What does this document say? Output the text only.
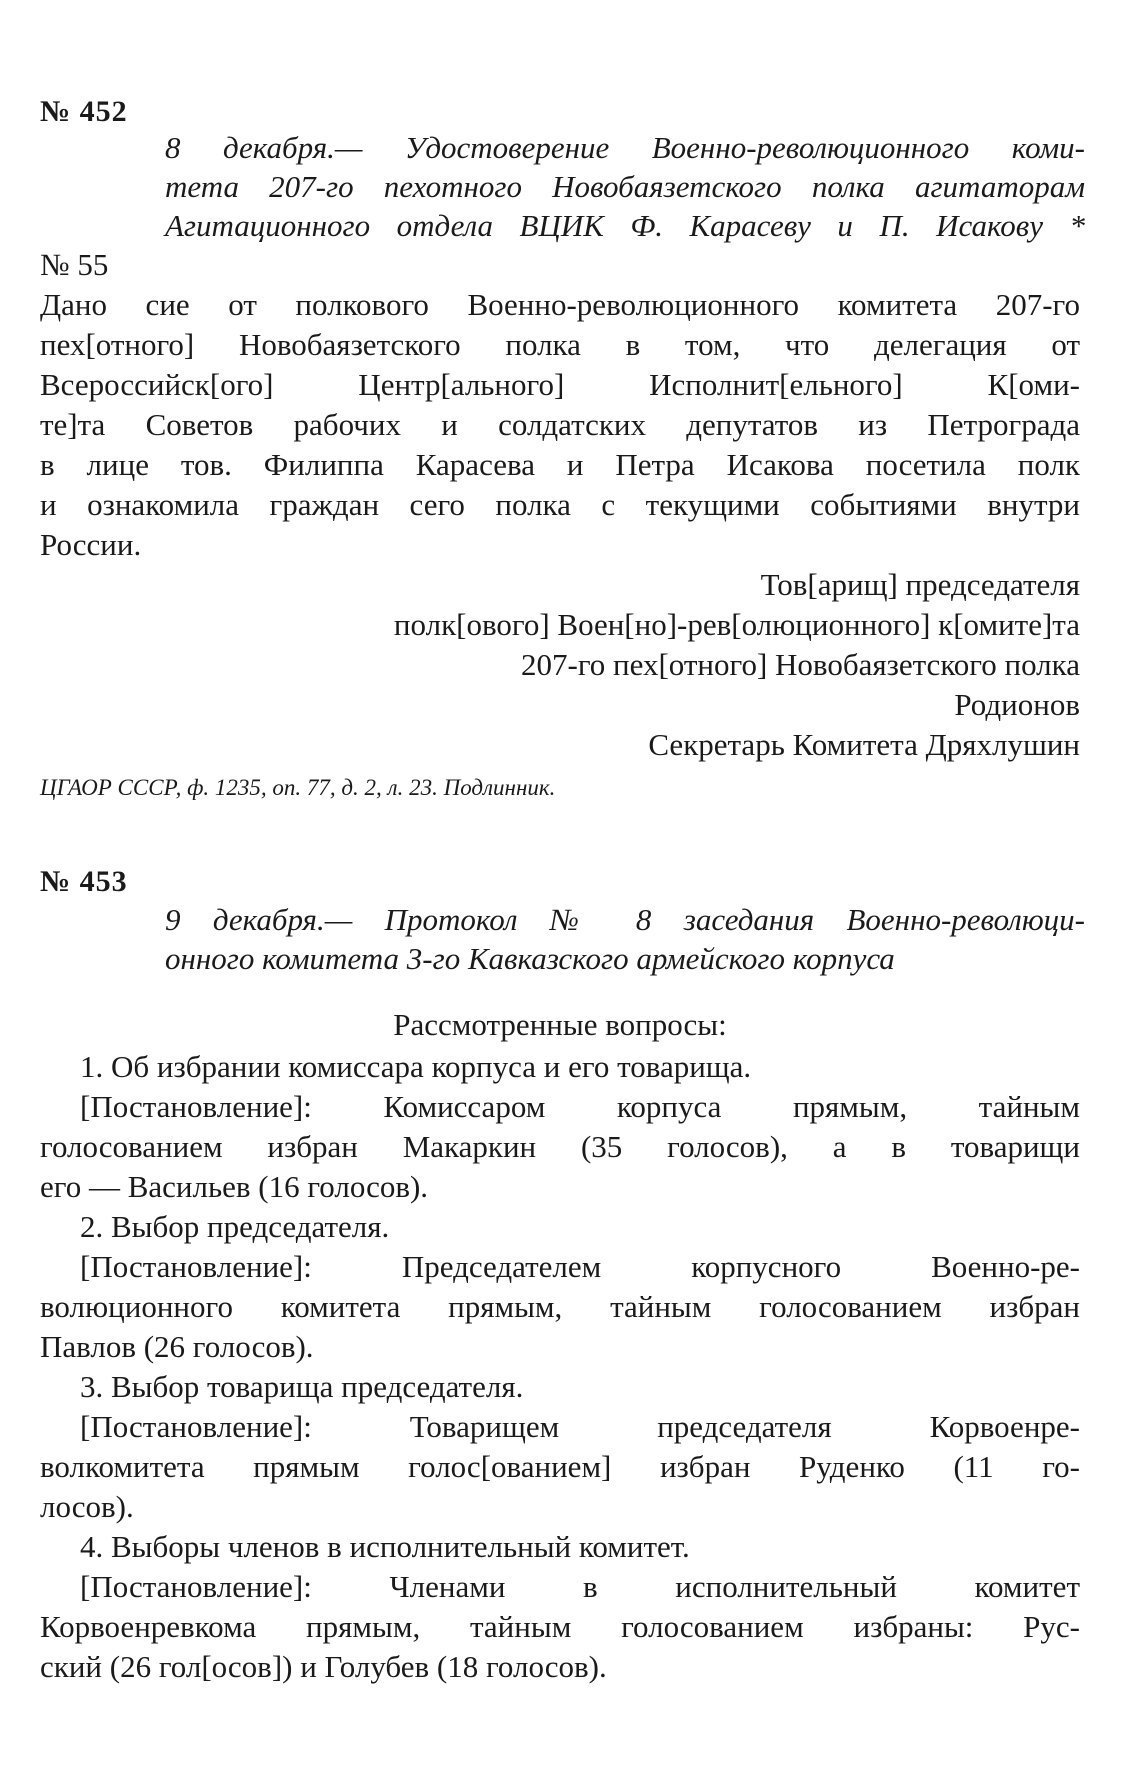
№ 452
8 декабря.— Удостоверение Военно-революционного коми-
тета 207-го пехотного Новобаязетского полка агитаторам
Агитационного отдела ВЦИК Ф. Карасеву и П. Исакову *
№ 55
Дано сие от полкового Военно-революционного комитета 207-го
пех[отного] Новобаязетского полка в том, что делегация от
Всероссийск[ого] Центр[ального] Исполнит[ельного] К[оми-
те]та Советов рабочих и солдатских депутатов из Петрограда
в лице тов. Филиппа Карасева и Петра Исакова посетила полк
и ознакомила граждан сего полка с текущими событиями внутри
России.
Тов[арищ] председателя
полк[ового] Воен[но]-рев[олюционного] к[омите]та
207-го пех[отного] Новобаязетского полка
Родионов
Секретарь Комитета Дряхлушин
ЦГАОР СССР, ф. 1235, оп. 77, д. 2, л. 23. Подлинник.
№ 453
9 декабря.— Протокол № 8 заседания Военно-революци-
онного комитета 3-го Кавказского армейского корпуса
Рассмотренные вопросы:
1. Об избрании комиссара корпуса и его товарища.
[Постановление]: Комиссаром корпуса прямым, тайным
голосованием избран Макаркин (35 голосов), а в товарищи
его — Васильев (16 голосов).
2. Выбор председателя.
[Постановление]: Председателем корпусного Военно-ре-
волюционного комитета прямым, тайным голосованием избран
Павлов (26 голосов).
3. Выбор товарища председателя.
[Постановление]: Товарищем председателя Корвоенре-
волкомитета прямым голос[ованием] избран Руденко (11 го-
лосов).
4. Выборы членов в исполнительный комитет.
[Постановление]: Членами в исполнительный комитет
Корвоенревкома прямым, тайным голосованием избраны: Рус-
ский (26 гол[осов]) и Голубев (18 голосов).
